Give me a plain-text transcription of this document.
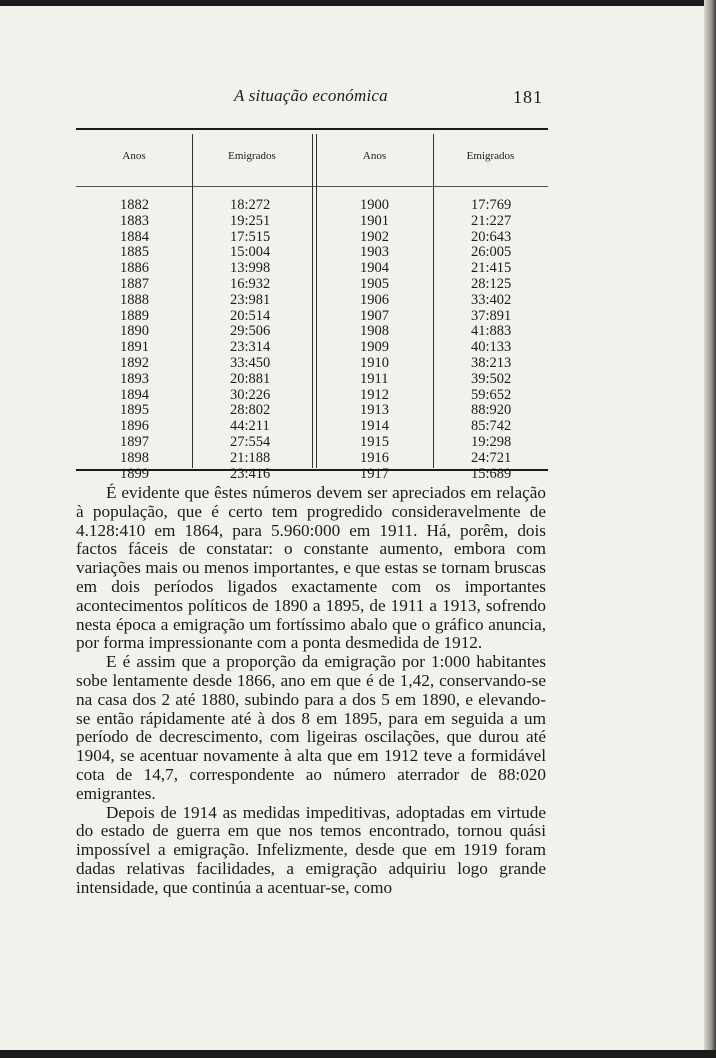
A situação económica	181
Anos
1882
1883
1884
1885
1886
1887
1888
1889
1890
1891
1892
1893
1894
1895
1896
1897
1898
1899
Emigrados
18:272
19:251
17:515
15:004
13:998
16:932
23:981
20:514
29:506
23:314
33:450
20:881
30:226
28:802
44:211
27:554
21:188
23:416
Anos
1900
1901
1902
1903
1904
1905
1906
1907
1908
1909
1910
1911
1912
1913
1914
1915
1916
1917
Emigrados
17:769
21:227
20:643
26:005
21:415
28:125
33:402
37:891
41:883
40:133
38:213
39:502
59:652
88:920
85:742
19:298
24:721
15:689

É evidente que êstes números devem ser apreciados em relação à população, que é certo tem progredido consideravelmente de 4.128:410 em 1864, para 5.960:000 em 1911. Há, porêm, dois factos fáceis de constatar: o constante aumento, embora com variações mais ou menos importantes, e que estas se tornam bruscas em dois períodos ligados exactamente com os importantes acontecimentos políticos de 1890 a 1895, de 1911 a 1913, sofrendo nesta época a emigração um fortíssimo abalo que o gráfico anuncia, por forma impressionante com a ponta desmedida de 1912.

E é assim que a proporção da emigração por 1:000 habitantes sobe lentamente desde 1866, ano em que é de 1,42, conservando-se na casa dos 2 até 1880, subindo para a dos 5 em 1890, e elevando-se então rápidamente até à dos 8 em 1895, para em seguida a um período de decrescimento, com ligeiras oscilações, que durou até 1904, se acentuar novamente à alta que em 1912 teve a formidável cota de 14,7, correspondente ao número aterrador de 88:020 emigrantes.

Depois de 1914 as medidas impeditivas, adoptadas em virtude do estado de guerra em que nos temos encontrado, tornou quási impossível a emigração. Infelizmente, desde que em 1919 foram dadas relativas facilidades, a emigração adquiriu logo grande intensidade, que continúa a acentuar-se, como
